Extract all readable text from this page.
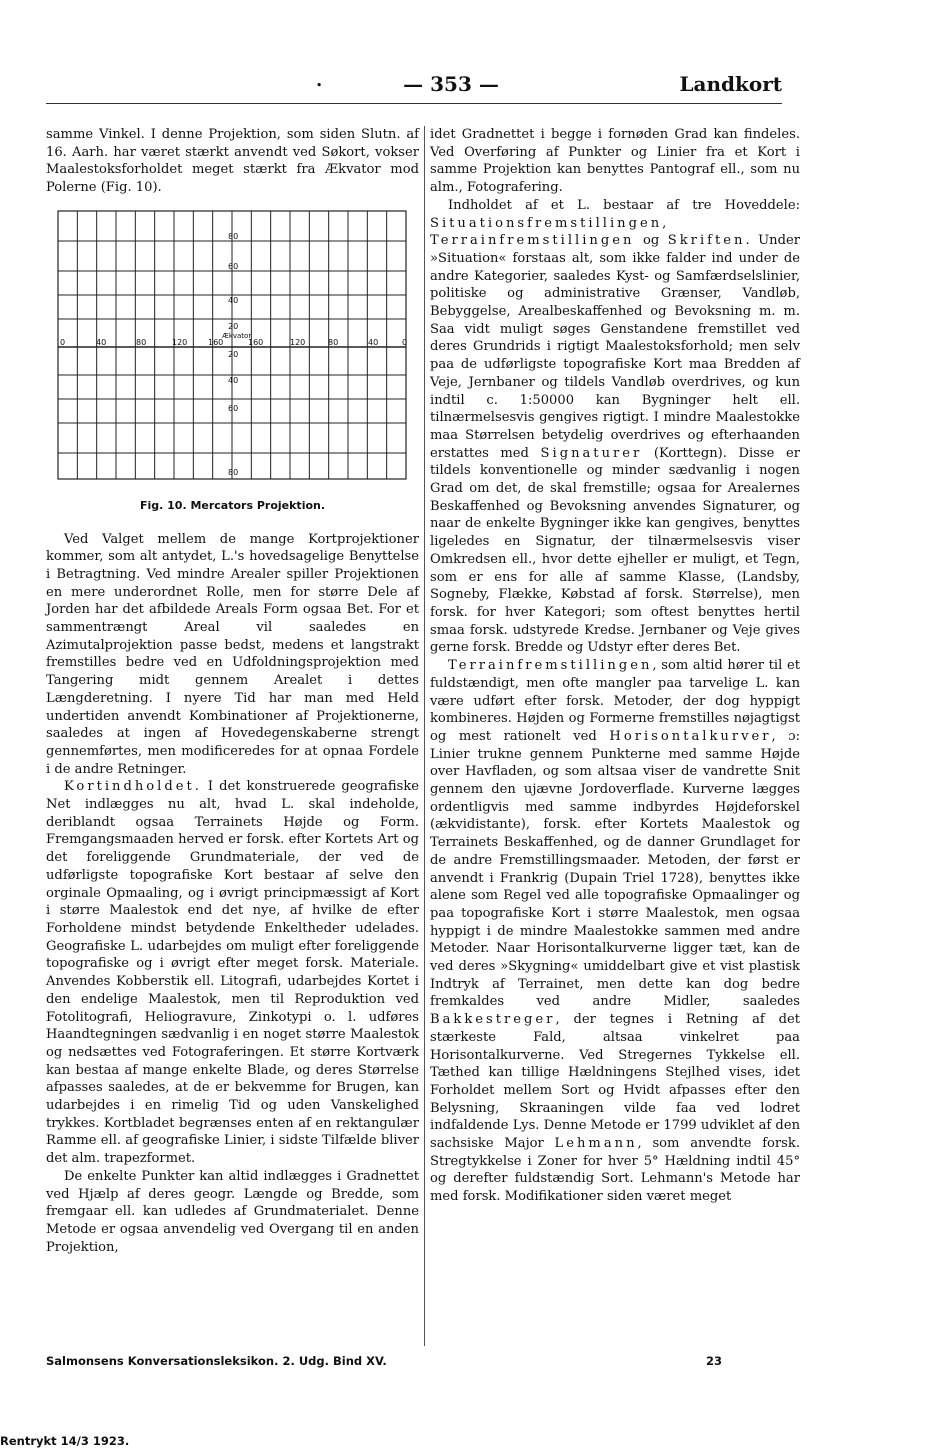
.	— 353 —	Landkort

samme Vinkel. I denne Projektion, som siden Slutn. af 16. Aarh. har været stærkt anvendt ved Søkort, vokser Maalestoksforholdet meget stærkt fra Ækvator mod Polerne (Fig. 10).

80
60
40
20
20
40
60
80
Ækvator
0	40	80	120	160	160	120	80	40	0
Fig. 10. Mercators Projektion.

Ved Valget mellem de mange Kortprojektioner kommer, som alt antydet, L.'s hovedsagelige Benyttelse i Betragtning. Ved mindre Arealer spiller Projektionen en mere underordnet Rolle, men for større Dele af Jorden har det afbildede Areals Form ogsaa Bet. For et sammentrængt Areal vil saaledes en Azimutalprojektion passe bedst, medens et langstrakt fremstilles bedre ved en Udfoldningsprojektion med Tangering midt gennem Arealet i dettes Længderetning. I nyere Tid har man med Held undertiden anvendt Kombinationer af Projektionerne, saaledes at ingen af Hovedegenskaberne strengt gennemførtes, men modificeredes for at opnaa Fordele i de andre Retninger.

Kortindholdet. I det konstruerede geografiske Net indlægges nu alt, hvad L. skal indeholde, deriblandt ogsaa Terrainets Højde og Form. Fremgangsmaaden herved er forsk. efter Kortets Art og det foreliggende Grundmateriale, der ved de udførligste topografiske Kort bestaar af selve den orginale Opmaaling, og i øvrigt principmæssigt af Kort i større Maalestok end det nye, af hvilke de efter Forholdene mindst betydende Enkeltheder udelades. Geografiske L. udarbejdes om muligt efter foreliggende topografiske og i øvrigt efter meget forsk. Materiale. Anvendes Kobberstik ell. Litografi, udarbejdes Kortet i den endelige Maalestok, men til Reproduktion ved Fotolitografi, Heliogravure, Zinkotypi o. l. udføres Haandtegningen sædvanlig i en noget større Maalestok og nedsættes ved Fotograferingen. Et større Kortværk kan bestaa af mange enkelte Blade, og deres Størrelse afpasses saaledes, at de er bekvemme for Brugen, kan udarbejdes i en rimelig Tid og uden Vanskelighed trykkes. Kortbladet begrænses enten af en rektangulær Ramme ell. af geografiske Linier, i sidste Tilfælde bliver det alm. trapezformet.

De enkelte Punkter kan altid indlægges i Gradnettet ved Hjælp af deres geogr. Længde og Bredde, som fremgaar ell. kan udledes af Grundmaterialet. Denne Metode er ogsaa anvendelig ved Overgang til en anden Projektion,

idet Gradnettet i begge i fornøden Grad kan findeles. Ved Overføring af Punkter og Linier fra et Kort i samme Projektion kan benyttes Pantograf ell., som nu alm., Fotografering.

Indholdet af et L. bestaar af tre Hoveddele: Situationsfremstillingen, Terrainfremstillingen og Skriften. Under »Situation« forstaas alt, som ikke falder ind under de andre Kategorier, saaledes Kyst- og Samfærdselslinier, politiske og administrative Grænser, Vandløb, Bebyggelse, Arealbeskaffenhed og Bevoksning m. m. Saa vidt muligt søges Genstandene fremstillet ved deres Grundrids i rigtigt Maalestoksforhold; men selv paa de udførligste topografiske Kort maa Bredden af Veje, Jernbaner og tildels Vandløb overdrives, og kun indtil c. 1:50000 kan Bygninger helt ell. tilnærmelsesvis gengives rigtigt. I mindre Maalestokke maa Størrelsen betydelig overdrives og efterhaanden erstattes med Signaturer (Korttegn). Disse er tildels konventionelle og minder sædvanlig i nogen Grad om det, de skal fremstille; ogsaa for Arealernes Beskaffenhed og Bevoksning anvendes Signaturer, og naar de enkelte Bygninger ikke kan gengives, benyttes ligeledes en Signatur, der tilnærmelsesvis viser Omkredsen ell., hvor dette ejheller er muligt, et Tegn, som er ens for alle af samme Klasse, (Landsby, Sogneby, Flække, Købstad af forsk. Størrelse), men forsk. for hver Kategori; som oftest benyttes hertil smaa forsk. udstyrede Kredse. Jernbaner og Veje gives gerne forsk. Bredde og Udstyr efter deres Bet.

Terrainfremstillingen, som altid hører til et fuldstændigt, men ofte mangler paa tarvelige L. kan være udført efter forsk. Metoder, der dog hyppigt kombineres. Højden og Formerne fremstilles nøjagtigst og mest rationelt ved Horisontalkurver, ɔ: Linier trukne gennem Punkterne med samme Højde over Havfladen, og som altsaa viser de vandrette Snit gennem den ujævne Jordoverflade. Kurverne lægges ordentligvis med samme indbyrdes Højdeforskel (ækvidistante), forsk. efter Kortets Maalestok og Terrainets Beskaffenhed, og de danner Grundlaget for de andre Fremstillingsmaader. Metoden, der først er anvendt i Frankrig (Dupain Triel 1728), benyttes ikke alene som Regel ved alle topografiske Opmaalinger og paa topografiske Kort i større Maalestok, men ogsaa hyppigt i de mindre Maalestokke sammen med andre Metoder. Naar Horisontalkurverne ligger tæt, kan de ved deres »Skygning« umiddelbart give et vist plastisk Indtryk af Terrainet, men dette kan dog bedre fremkaldes ved andre Midler, saaledes Bakkestreger, der tegnes i Retning af det stærkeste Fald, altsaa vinkelret paa Horisontalkurverne. Ved Stregernes Tykkelse ell. Tæthed kan tillige Hældningens Stejlhed vises, idet Forholdet mellem Sort og Hvidt afpasses efter den Belysning, Skraaningen vilde faa ved lodret indfaldende Lys. Denne Metode er 1799 udviklet af den sachsiske Major Lehmann, som anvendte forsk. Stregtykkelse i Zoner for hver 5° Hældning indtil 45° og derefter fuldstændig Sort. Lehmann's Metode har med forsk. Modifikationer siden været meget

Salmonsens Konversationsleksikon. 2. Udg. Bind XV.	23
Rentrykt 14/3 1923.
